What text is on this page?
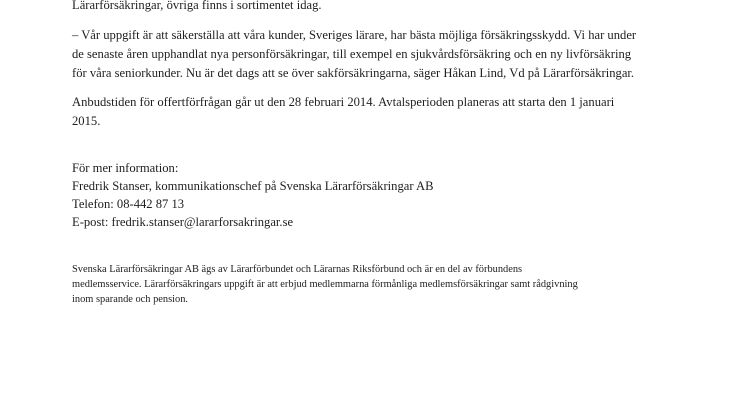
Lärarförsäkringar, övriga finns i sortimentet idag.
– Vår uppgift är att säkerställa att våra kunder, Sveriges lärare, har bästa möjliga försäkringsskydd. Vi har under
de senaste åren upphandlat nya personförsäkringar, till exempel en sjukvårdsförsäkring och en ny livförsäkring
för våra seniorkunder. Nu är det dags att se över sakförsäkringarna, säger Håkan Lind, Vd på Lärarförsäkringar.
Anbudstiden för offertförfrågan går ut den 28 februari 2014. Avtalsperioden planeras att starta den 1 januari
2015.
För mer information:
Fredrik Stanser, kommunikationschef på Svenska Lärarförsäkringar AB
Telefon: 08-442 87 13
E-post: fredrik.stanser@lararforsakringar.se
Svenska Lärarförsäkringar AB ägs av Lärarförbundet och Lärarnas Riksförbund och är en del av förbundens
medlemsservice. Lärarförsäkringars uppgift är att erbjud medlemmarna förmånliga medlemsförsäkringar samt rådgivning
inom sparande och pension.
